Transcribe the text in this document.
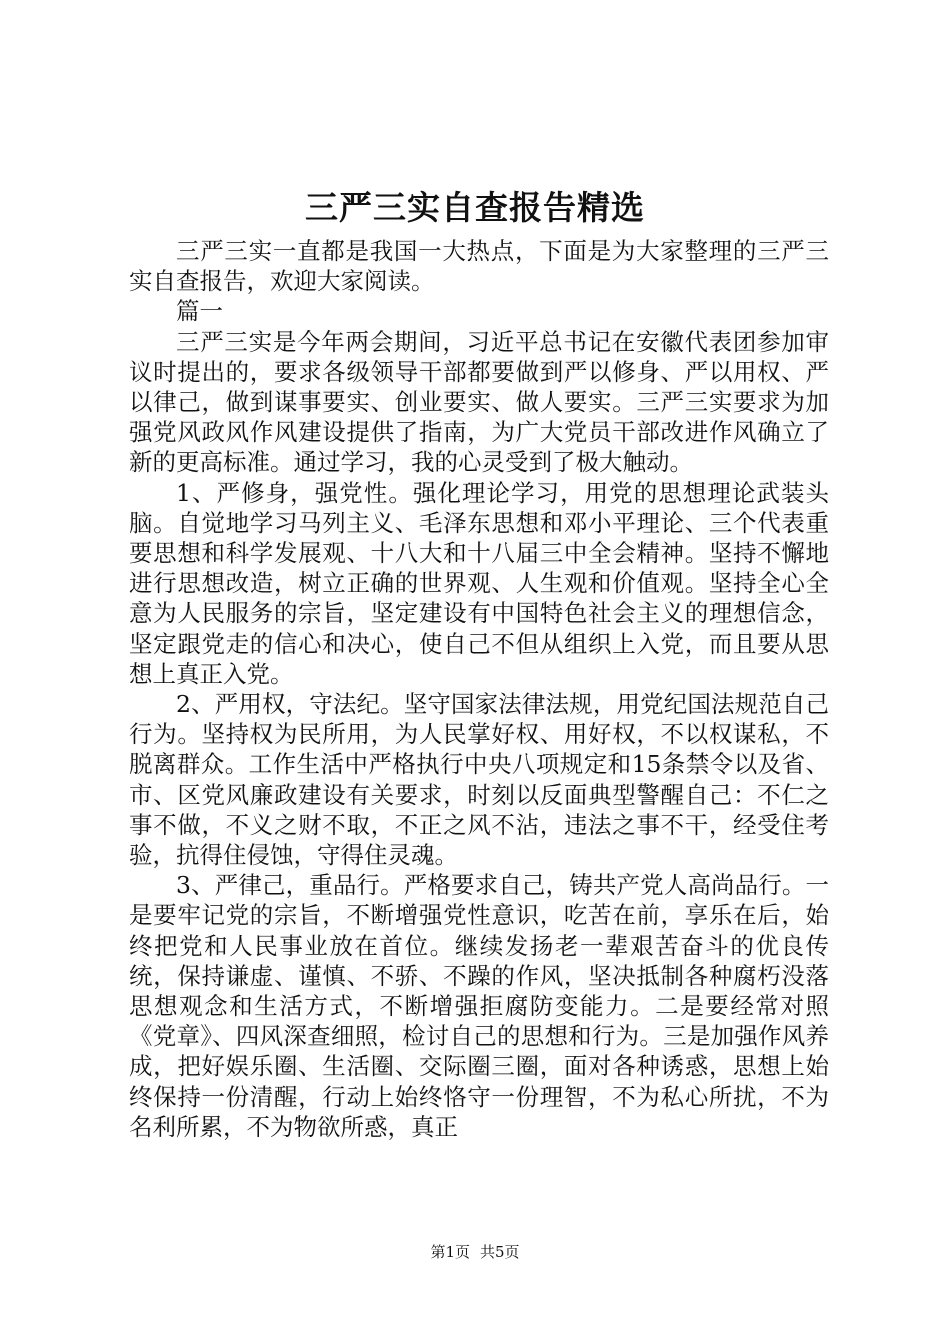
三严三实自查报告精选

三严三实一直都是我国一大热点，下面是为大家整理的三严三实自查报告，欢迎大家阅读。

篇一

三严三实是今年两会期间，习近平总书记在安徽代表团参加审议时提出的，要求各级领导干部都要做到严以修身、严以用权、严以律己，做到谋事要实、创业要实、做人要实。三严三实要求为加强党风政风作风建设提供了指南，为广大党员干部改进作风确立了新的更高标准。通过学习，我的心灵受到了极大触动。

1、严修身，强党性。强化理论学习，用党的思想理论武装头脑。自觉地学习马列主义、毛泽东思想和邓小平理论、三个代表重要思想和科学发展观、十八大和十八届三中全会精神。坚持不懈地进行思想改造，树立正确的世界观、人生观和价值观。坚持全心全意为人民服务的宗旨，坚定建设有中国特色社会主义的理想信念，坚定跟党走的信心和决心，使自己不但从组织上入党，而且要从思想上真正入党。

2、严用权，守法纪。坚守国家法律法规，用党纪国法规范自己行为。坚持权为民所用，为人民掌好权、用好权，不以权谋私，不脱离群众。工作生活中严格执行中央八项规定和15条禁令以及省、市、区党风廉政建设有关要求，时刻以反面典型警醒自己：不仁之事不做，不义之财不取，不正之风不沾，违法之事不干，经受住考验，抗得住侵蚀，守得住灵魂。

3、严律己，重品行。严格要求自己，铸共产党人高尚品行。一是要牢记党的宗旨，不断增强党性意识，吃苦在前，享乐在后，始终把党和人民事业放在首位。继续发扬老一辈艰苦奋斗的优良传统，保持谦虚、谨慎、不骄、不躁的作风，坚决抵制各种腐朽没落思想观念和生活方式，不断增强拒腐防变能力。二是要经常对照《党章》、四风深查细照，检讨自己的思想和行为。三是加强作风养成，把好娱乐圈、生活圈、交际圈三圈，面对各种诱惑，思想上始终保持一份清醒，行动上始终恪守一份理智，不为私心所扰，不为名利所累，不为物欲所惑，真正

第1页 共5页
